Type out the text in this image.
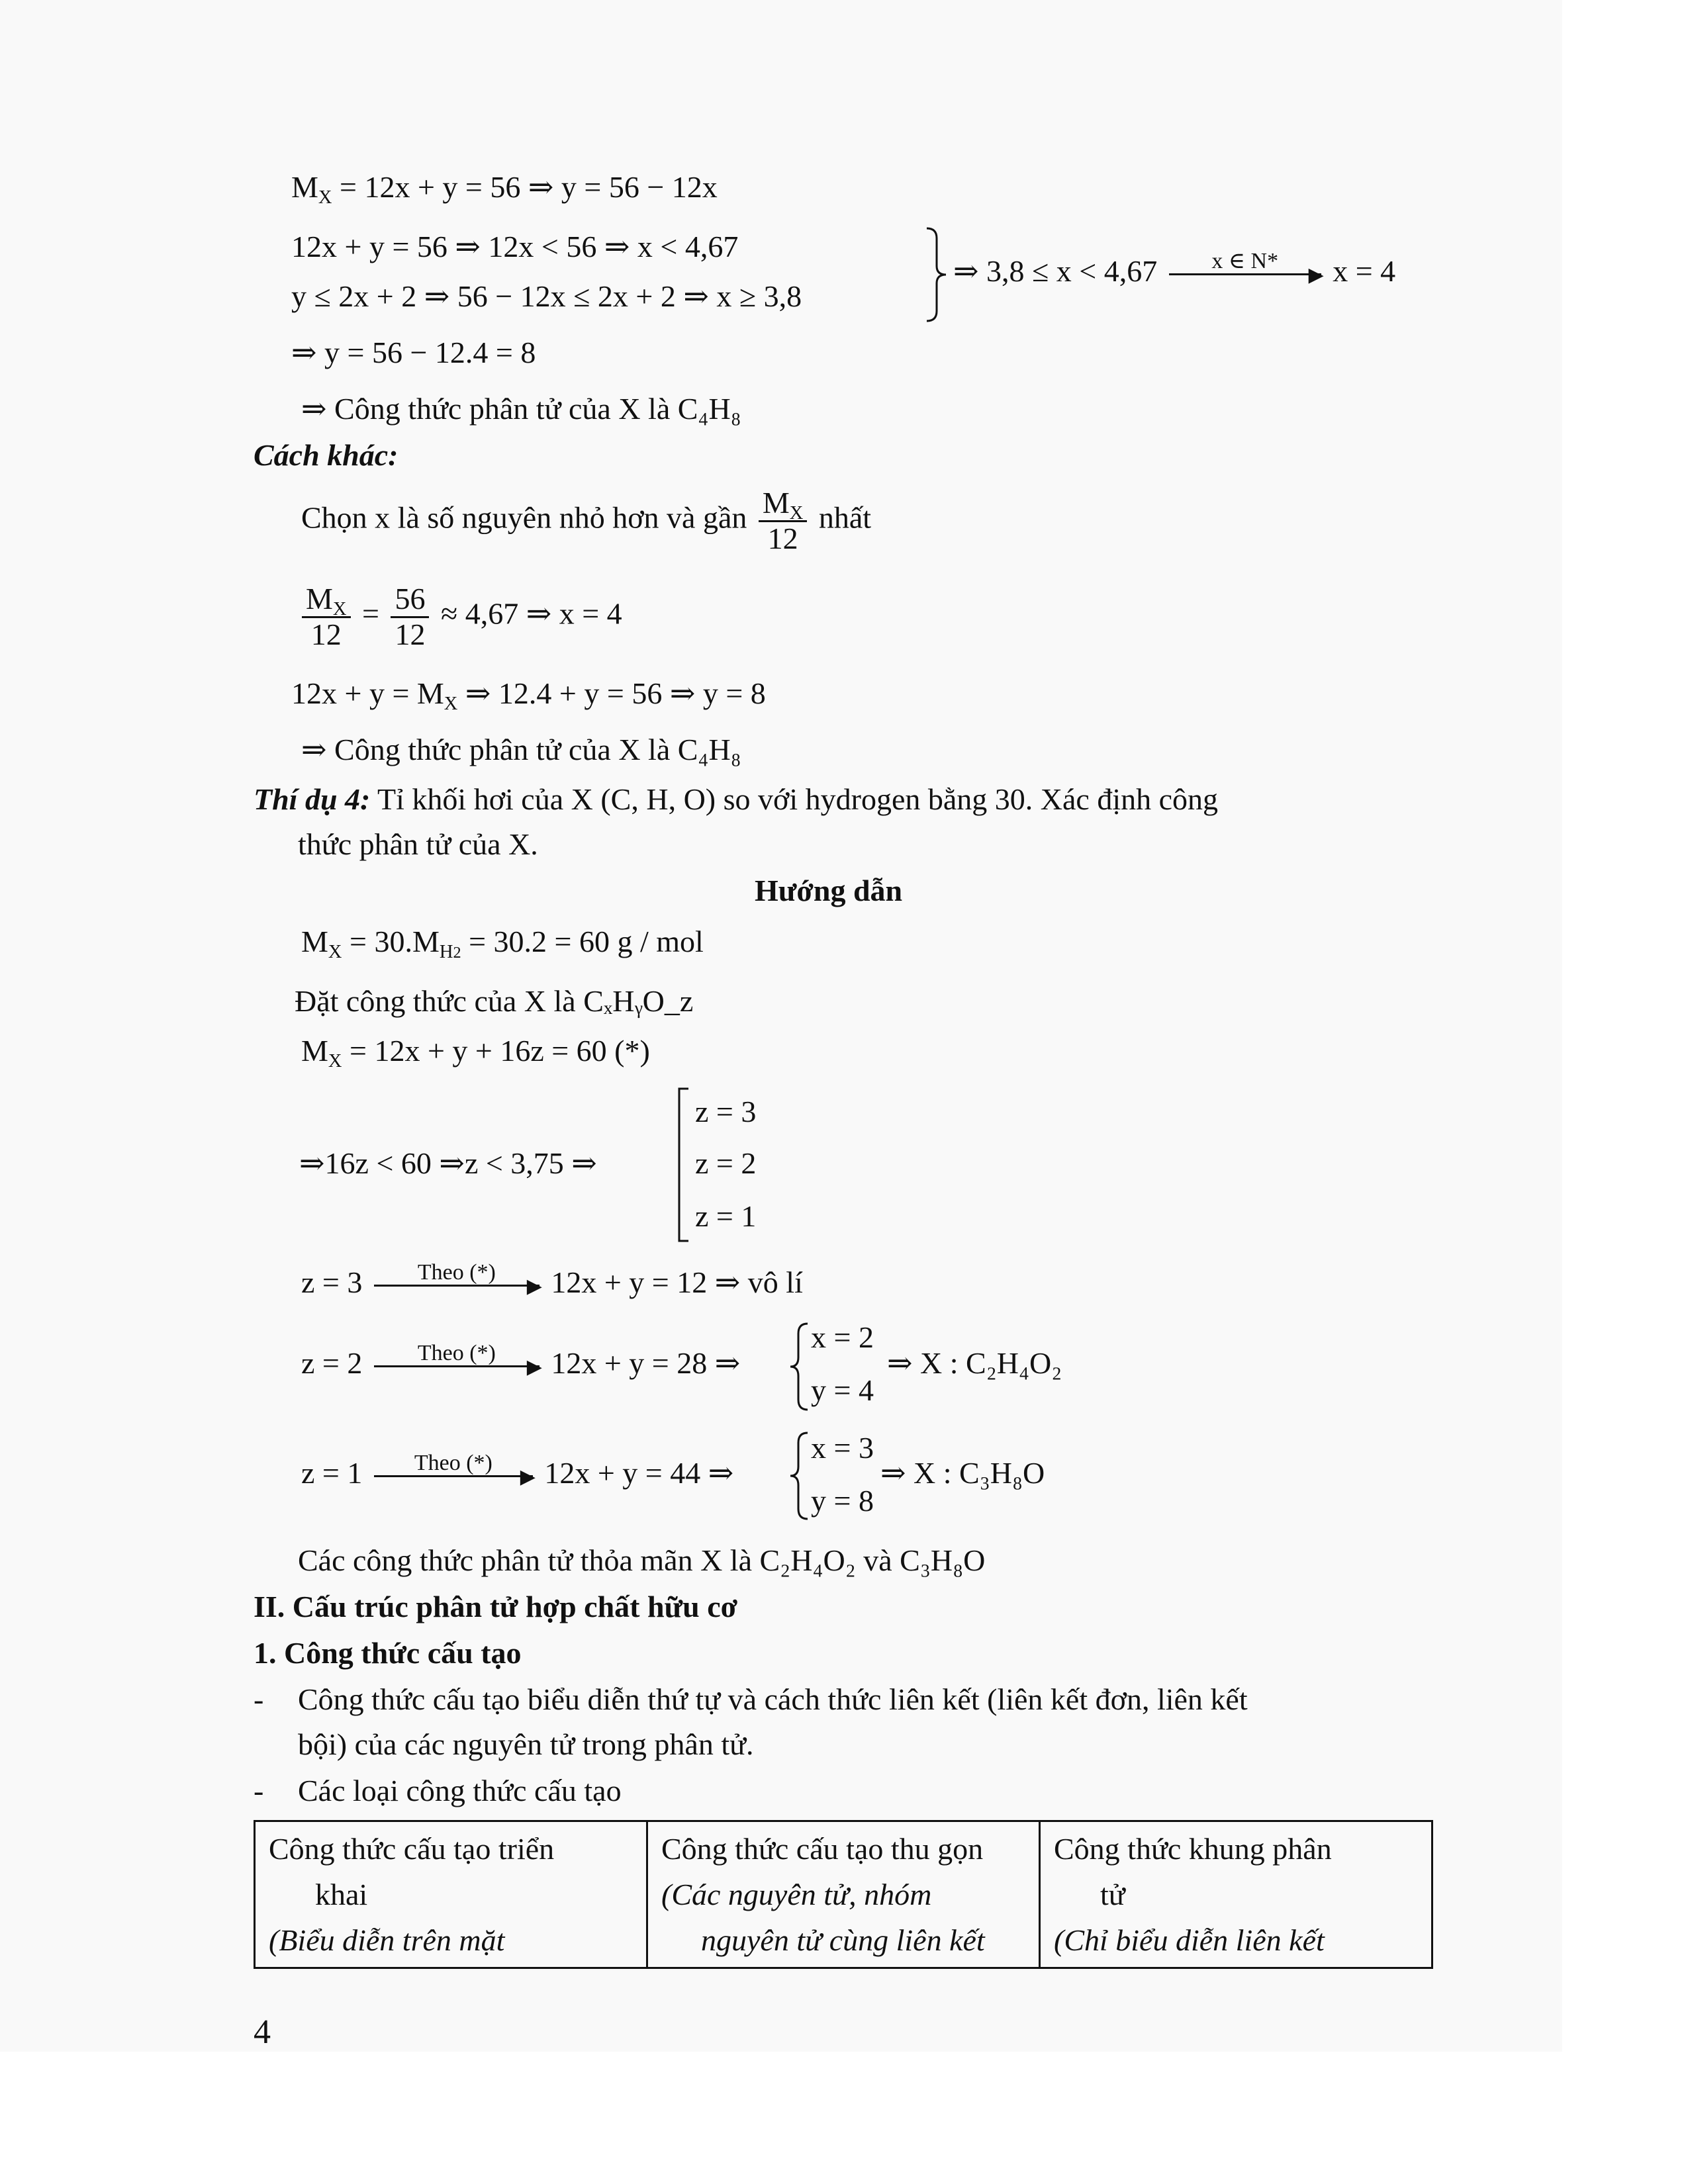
$M_X = 12x + y = 56$ ⇒ y = 56 − 12x
12x + y = 56 ⇒ 12x < 56 ⇒ x < 4,67
y ≤ 2x + 2 ⇒ 56 − 12x ≤ 2x + 2 ⇒ x ≥ 3,8
⇒ 3,8 ≤ x < 4,67	x ∈ N*
▶ x = 4
⇒ y = 56 − 12.4 = 8
⇒ Công thức phân tử của X là C₄H₈
Cách khác:
Chọn x là số nguyên nhỏ hơn và gần $\frac{M_X}{12}$ nhất
$\frac{M_X}{12} = \frac{56}{12} \approx 4,67$ ⇒ x = 4
$12x + y = M_X$ ⇒ 12.4 + y = 56 ⇒ y = 8
⇒ Công thức phân tử của X là C₄H₈
Thí dụ 4: Tỉ khối hơi của X (C, H, O) so với hydrogen bằng 30. Xác định công
thức phân tử của X.
Hướng dẫn
$M_X = 30.M_{H2} = 30.2 = 60$ g / mol
Đặt công thức của X là CₓHᵧO_z
$M_X = 12x + y + 16z = 60$ (*)
⇒16z < 60 ⇒z < 3,75 ⇒
z = 3
z = 2
z = 1
z = 3	Theo (*)
▶ 12x + y = 12 ⇒ vô lí
z = 2	Theo (*)
▶ 12x + y = 28 ⇒
x = 2
y = 4
⇒ X : C₂H₄O₂
z = 1	Theo (*)
▶ 12x + y = 44 ⇒
x = 3
y = 8
⇒ X : C₃H₈O
Các công thức phân tử thỏa mãn X là C₂H₄O₂ và C₃H₈O
II. Cấu trúc phân tử hợp chất hữu cơ
1. Công thức cấu tạo
- Công thức cấu tạo biểu diễn thứ tự và cách thức liên kết (liên kết đơn, liên kết
bội) của các nguyên tử trong phân tử.
- Các loại công thức cấu tạo
Công thức cấu tạo triển
khai
(Biểu diễn trên mặt

Công thức cấu tạo thu gọn
(Các nguyên tử, nhóm
nguyên tử cùng liên kết

Công thức khung phân
tử
(Chỉ biểu diễn liên kết
4
